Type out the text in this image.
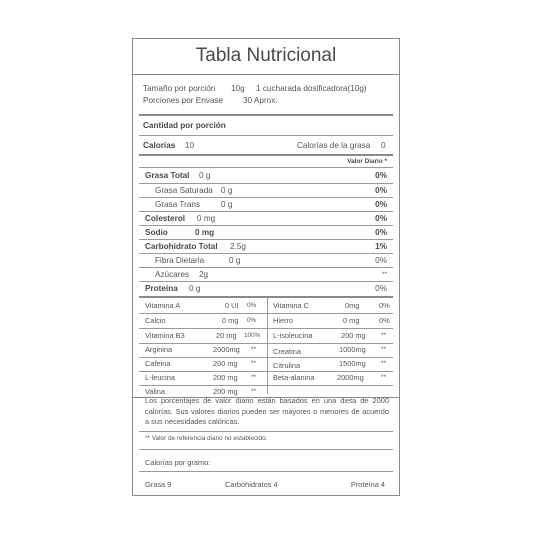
Tabla Nutricional
Tamaño por porción 10g 1 cucharada dosificadora(10g)
Porciones por Envase 30 Aprox.
Cantidad por porción
Calorías 10	Calorías de la grasa 0
Valor Diario *
Grasa Total 0 g	0%
Grasa Saturada 0 g	0%
Grasa Trans	0 g	0%
Colesterol 0 mg	0%
Sodio	0 mg	0%
Carbohidrato Total 2.5g	1%
Fibra Dietaria	0 g	0%
Azúcares 2g	**
Proteína 0 g	0%
Vitamina A	0 UI 0% Vitamina C	0mg	0%
Calcio	0 mg 0% Hierro	0 mg	0%
Vitamina B3	20 mg 100% L-isoleucina	200 mg **
Arginina	2000mg ** Creatina	1000mg **
Cafeina	200 mg ** Citrulina	1500mg **
L-leucina	200 mg ** Beta-alanina	2000mg	**
Valina	200 mg **
Los porcentajes de valor diario están basados en una dieta de 2000 calorías. Sus valores diarios pueden ser mayores o menores de acuerdo a sus necesidades calóricas.
** Valor de referencia diario no establecido.
Calorías por gramo:
Grasa 9	Carbohidratos 4	Proteína 4
